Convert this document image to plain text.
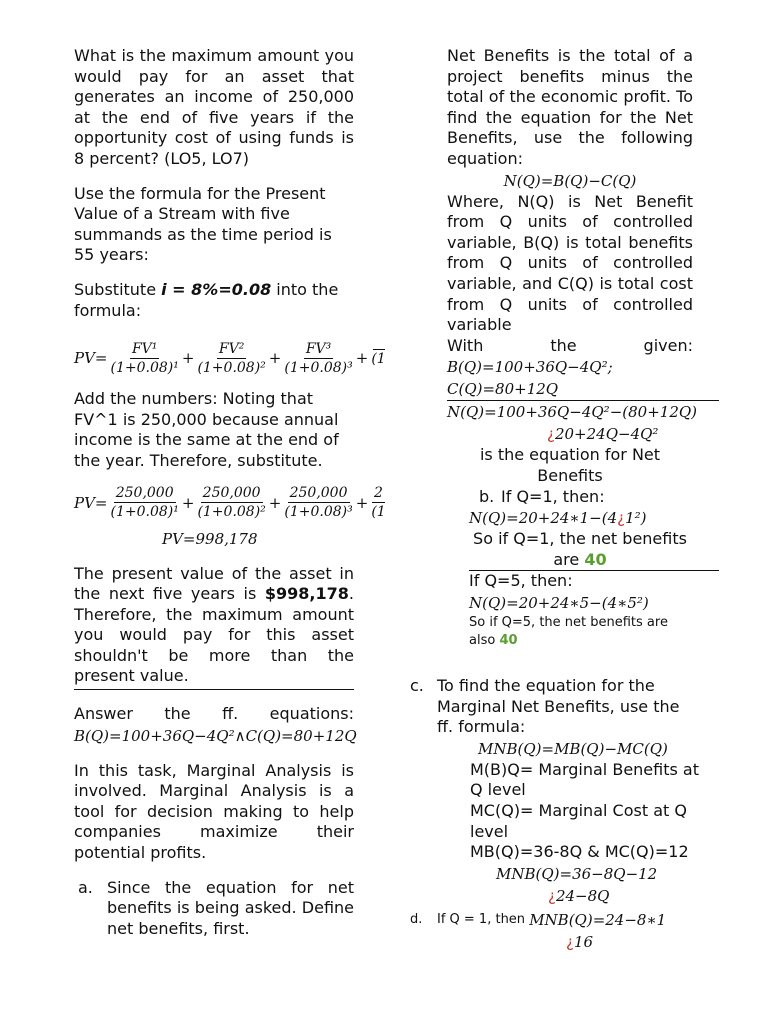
What is the maximum amount you would pay for an asset that generates an income of 250,000 at the end of five years if the opportunity cost of using funds is 8 percent? (LO5, LO7)

Use the formula for the Present Value of a Stream with five summands as the time period is 55 years:

Substitute i = 8%=0.08 into the formula:

$PV= \frac{\text{FV¹}}{\text{(1+0.08)¹}} + \frac{\text{FV²}}{\text{(1+0.08)²}} + \frac{\text{FV³}}{\text{(1+0.08)³}} + (1$

Add the numbers: Noting that FV^1 is 250,000 because annual income is the same at the end of the year. Therefore, substitute.

$PV= \frac{250,000}{\text{(1+0.08)¹}} + \frac{250,000}{\text{(1+0.08)²}} + \frac{250,000}{\text{(1+0.08)³}} + \frac{2}{(1}$
PV=998,178

The present value of the asset in the next five years is $998,178. Therefore, the maximum amount you would pay for this asset shouldn't be more than the present value.

Answer the ff. equations:

B(Q)=100+36Q−4Q²∧C(Q)=80+12Q

In this task, Marginal Analysis is involved. Marginal Analysis is a tool for decision making to help companies maximize their potential profits.

a. Since the equation for net benefits is being asked. Define net benefits, first.

Net Benefits is the total of a project benefits minus the total of the economic profit. To find the equation for the Net Benefits, use the following equation:

N(Q)=B(Q)−C(Q)

Where, N(Q) is Net Benefit from Q units of controlled variable, B(Q) is total benefits from Q units of controlled variable, and C(Q) is total cost from Q units of controlled variable

With the given:

B(Q)=100+36Q−4Q²;
C(Q)=80+12Q
N(Q)=100+36Q−4Q²−(80+12Q)
¿20+24Q−4Q²

is the equation for Net Benefits

b. If Q=1, then:

N(Q)=20+24∗1−(4¿1²)

So if Q=1, the net benefits are 40

If Q=5, then:

N(Q)=20+24∗5−(4∗5²)

So if Q=5, the net benefits are also 40

c. To find the equation for the Marginal Net Benefits, use the ff. formula:

MNB(Q)=MB(Q)−MC(Q)

M(B)Q= Marginal Benefits at Q level

MC(Q)= Marginal Cost at Q level

MB(Q)=36-8Q & MC(Q)=12

MNB(Q)=36−8Q−12
¿24−8Q
d.	If Q = 1, then MNB(Q)=24−8∗1
¿16
